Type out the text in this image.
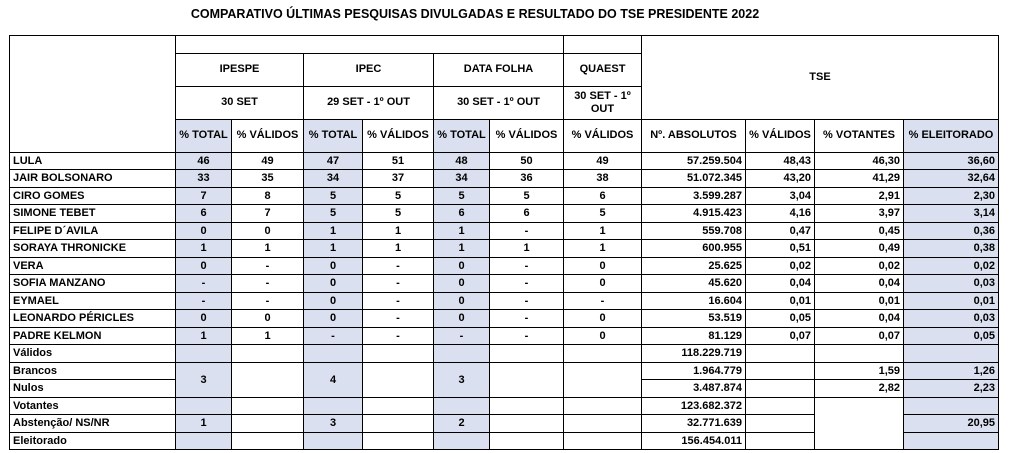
COMPARATIVO ÚLTIMAS PESQUISAS DIVULGADAS E RESULTADO DO TSE PRESIDENTE 2022
								TSE			
	IPESPE		IPEC		DATA FOLHA		QUAEST				
	30 SET		29 SET - 1º OUT		30 SET - 1º OUT		30 SET - 1º OUT				
	% TOTAL	% VÁLIDOS	% TOTAL	% VÁLIDOS	% TOTAL	% VÁLIDOS	% VÁLIDOS	Nº. ABSOLUTOS	% VÁLIDOS	% VOTANTES	% ELEITORADO
LULA	46	49	47	51	48	50	49	57.259.504	48,43	46,30	36,60
JAIR BOLSONARO	33	35	34	37	34	36	38	51.072.345	43,20	41,29	32,64
CIRO GOMES	7	8	5	5	5	5	6	3.599.287	3,04	2,91	2,30
SIMONE TEBET	6	7	5	5	6	6	5	4.915.423	4,16	3,97	3,14
FELIPE D´AVILA	0	0	1	1	1	-	1	559.708	0,47	0,45	0,36
SORAYA THRONICKE	1	1	1	1	1	1	1	600.955	0,51	0,49	0,38
VERA	0	-	0	-	0	-	0	25.625	0,02	0,02	0,02
SOFIA MANZANO	-	-	0	-	0	-	0	45.620	0,04	0,04	0,03
EYMAEL	-	-	0	-	0	-	-	16.604	0,01	0,01	0,01
LEONARDO PÉRICLES	0	0	0	-	0	-	0	53.519	0,05	0,04	0,03
PADRE KELMON	1	1	-	-	-	-	0	81.129	0,07	0,07	0,05
Válidos								118.229.719			
Brancos	3		4		3			1.964.779		1,59	1,26
Nulos								3.487.874		2,82	2,23
Votantes								123.682.372			
Abstenção/ NS/NR	1		3		2			32.771.639			20,95
Eleitorado								156.454.011			
